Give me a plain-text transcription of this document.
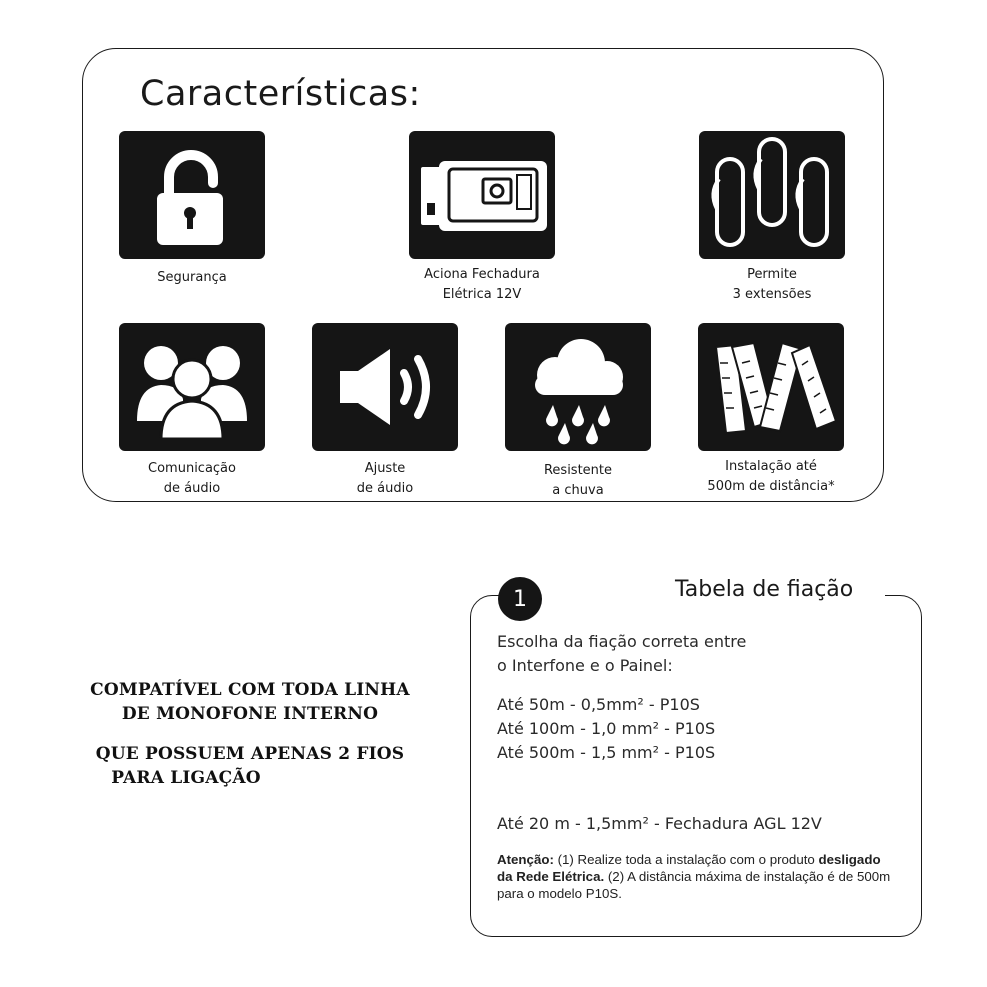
Características:
Segurança	Aciona Fechadura
Elétrica 12V
Permite
3 extensões
Comunicação
de áudio
Ajuste
de áudio
Resistente
a chuva
Instalação até
500m de distância*
COMPATÍVEL COM TODA LINHA
DE MONOFONE INTERNO
QUE POSSUEM APENAS 2 FIOS
PARA LIGAÇÃO
1	Tabela de fiação
Escolha da fiação correta entre
o Interfone e o Painel:
Até 50m - 0,5mm² - P10S
Até 100m - 1,0 mm² - P10S
Até 500m - 1,5 mm² - P10S
Até 20 m - 1,5mm² - Fechadura AGL 12V
Atenção: (1) Realize toda a instalação com o produto desligado da Rede Elétrica. (2) A distância máxima de instalação é de 500m para o modelo P10S.
